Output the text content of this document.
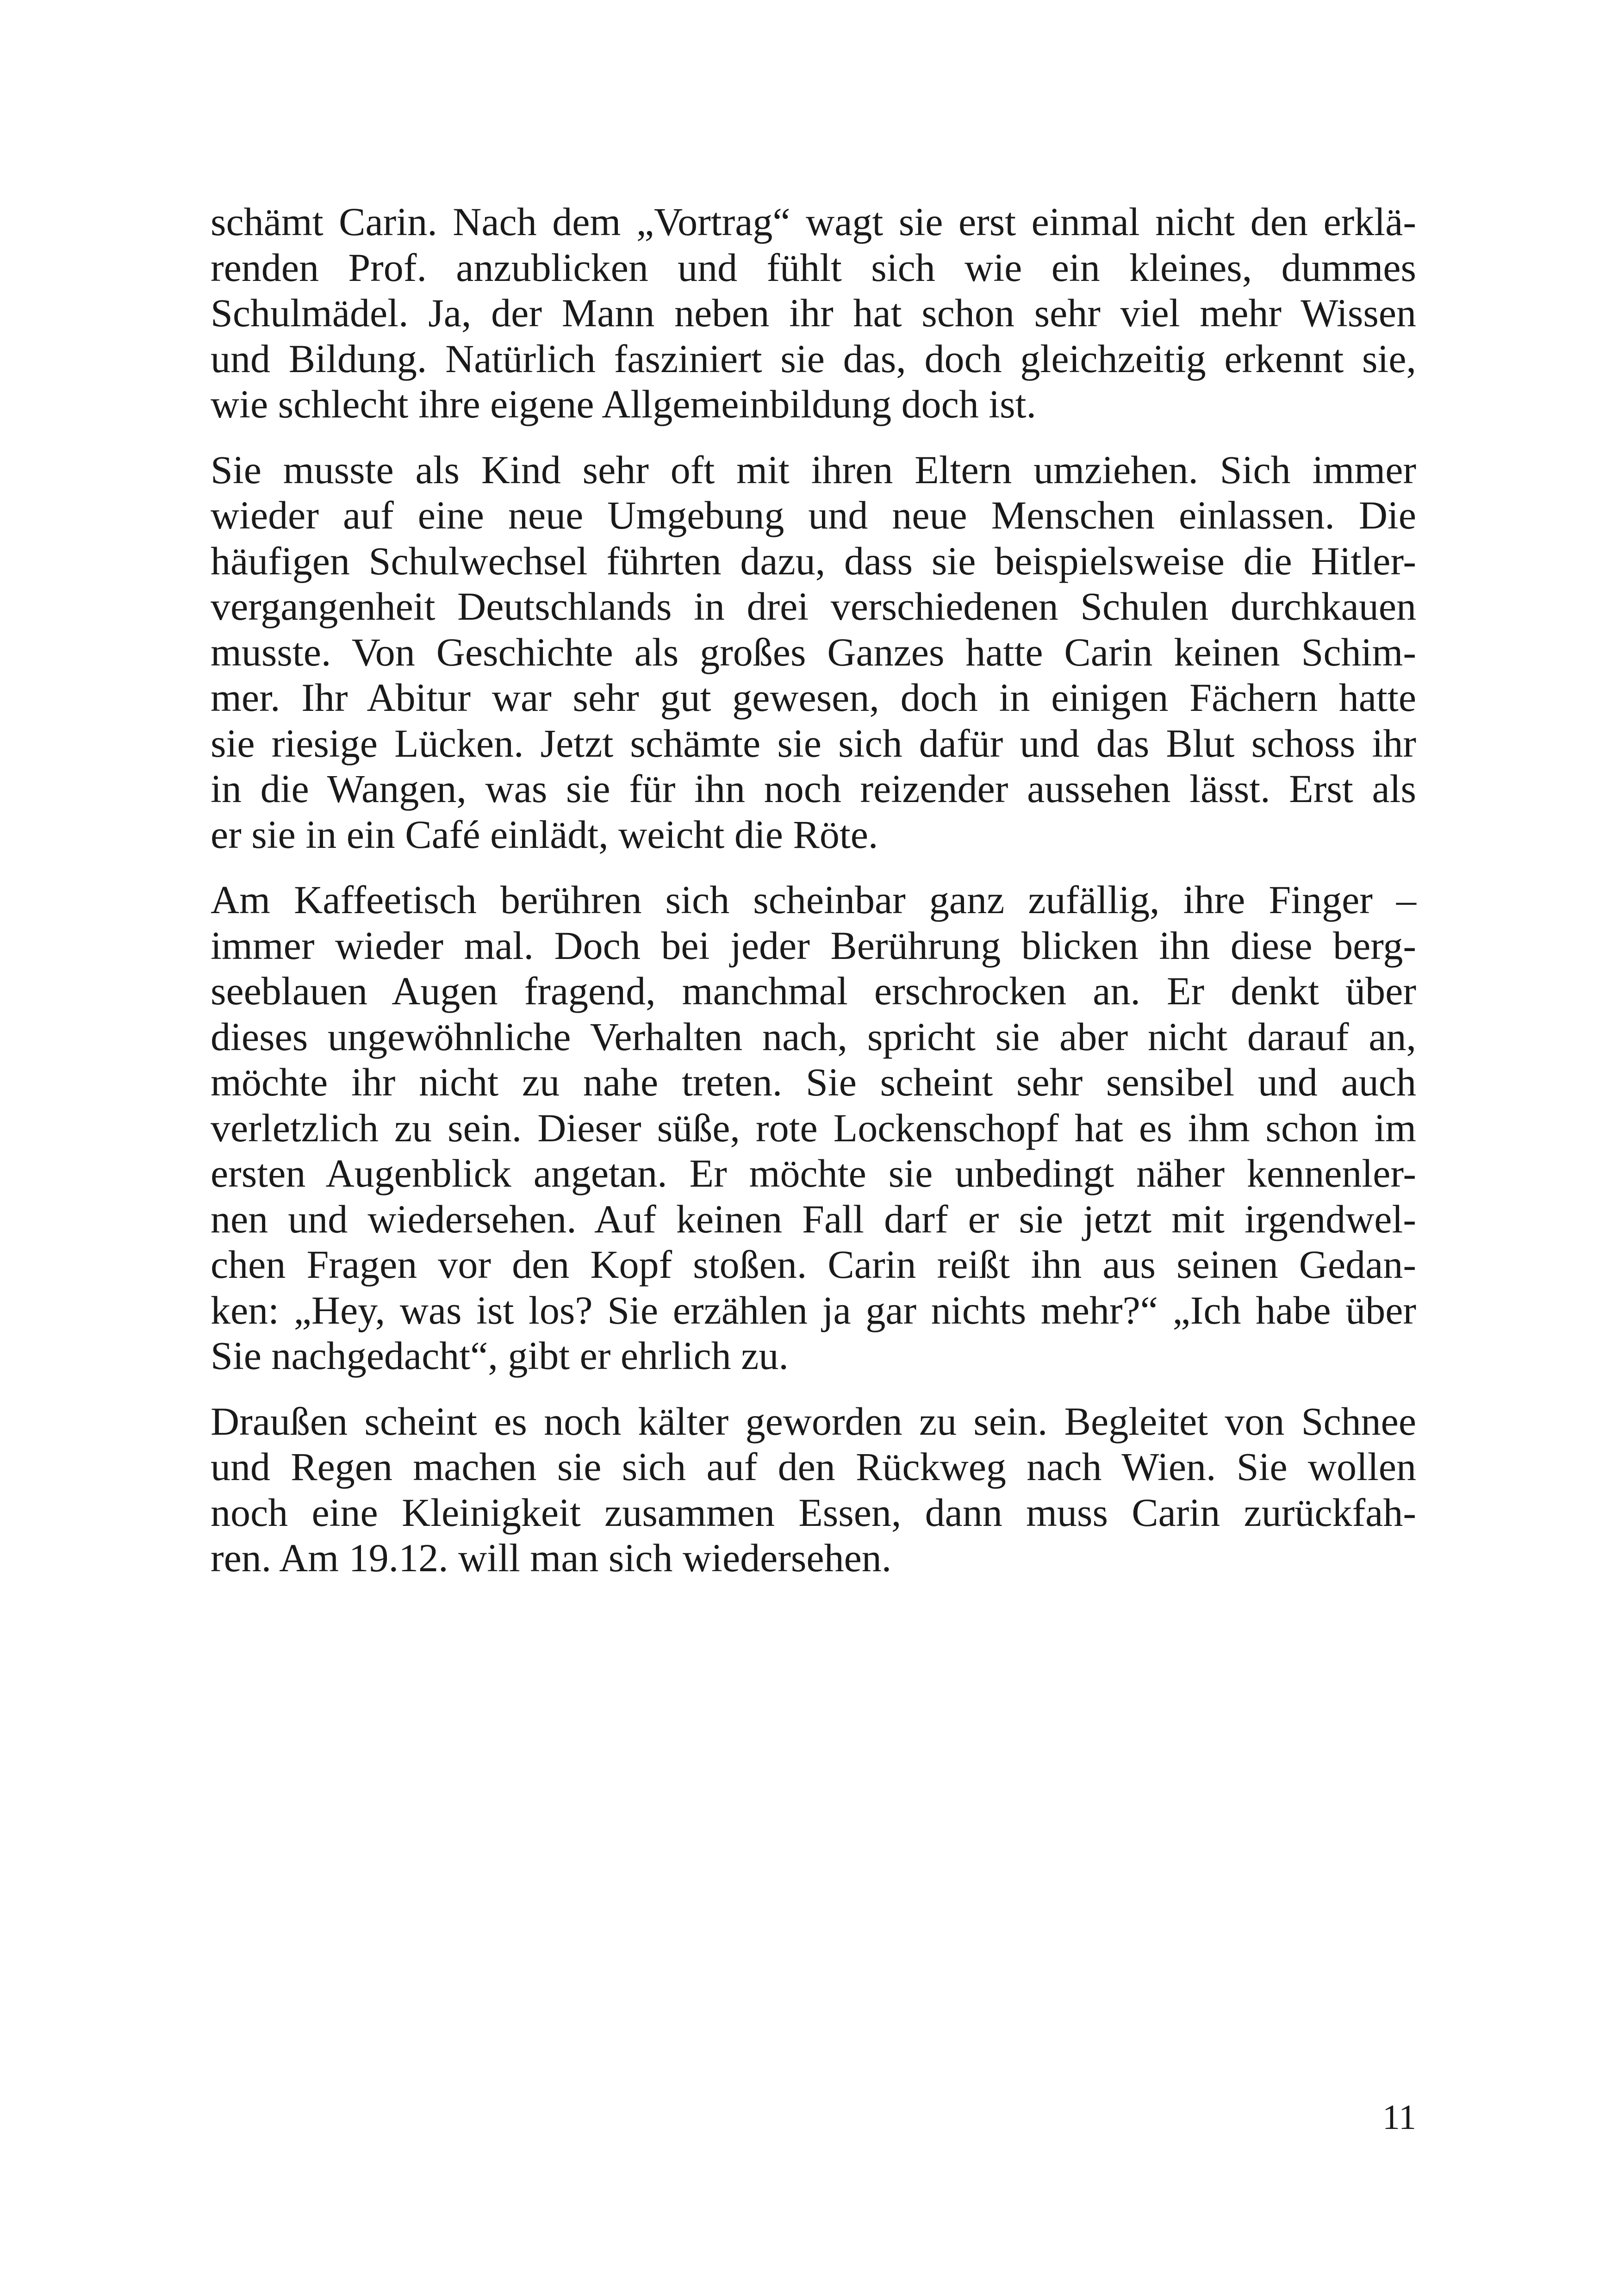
schämt Carin. Nach dem „Vortrag“ wagt sie erst einmal nicht den erklä-
renden Prof. anzublicken und fühlt sich wie ein kleines, dummes
Schulmädel. Ja, der Mann neben ihr hat schon sehr viel mehr Wissen
und Bildung. Natürlich fasziniert sie das, doch gleichzeitig erkennt sie,
wie schlecht ihre eigene Allgemeinbildung doch ist.

Sie musste als Kind sehr oft mit ihren Eltern umziehen. Sich immer
wieder auf eine neue Umgebung und neue Menschen einlassen. Die
häufigen Schulwechsel führten dazu, dass sie beispielsweise die Hitler-
vergangenheit Deutschlands in drei verschiedenen Schulen durchkauen
musste. Von Geschichte als großes Ganzes hatte Carin keinen Schim-
mer. Ihr Abitur war sehr gut gewesen, doch in einigen Fächern hatte
sie riesige Lücken. Jetzt schämte sie sich dafür und das Blut schoss ihr
in die Wangen, was sie für ihn noch reizender aussehen lässt. Erst als
er sie in ein Café einlädt, weicht die Röte.

Am Kaffeetisch berühren sich scheinbar ganz zufällig, ihre Finger –
immer wieder mal. Doch bei jeder Berührung blicken ihn diese berg-
seeblauen Augen fragend, manchmal erschrocken an. Er denkt über
dieses ungewöhnliche Verhalten nach, spricht sie aber nicht darauf an,
möchte ihr nicht zu nahe treten. Sie scheint sehr sensibel und auch
verletzlich zu sein. Dieser süße, rote Lockenschopf hat es ihm schon im
ersten Augenblick angetan. Er möchte sie unbedingt näher kennenler-
nen und wiedersehen. Auf keinen Fall darf er sie jetzt mit irgendwel-
chen Fragen vor den Kopf stoßen. Carin reißt ihn aus seinen Gedan-
ken: „Hey, was ist los? Sie erzählen ja gar nichts mehr?“ „Ich habe über
Sie nachgedacht“, gibt er ehrlich zu.

Draußen scheint es noch kälter geworden zu sein. Begleitet von Schnee
und Regen machen sie sich auf den Rückweg nach Wien. Sie wollen
noch eine Kleinigkeit zusammen Essen, dann muss Carin zurückfah-
ren. Am 19.12. will man sich wiedersehen.

11
